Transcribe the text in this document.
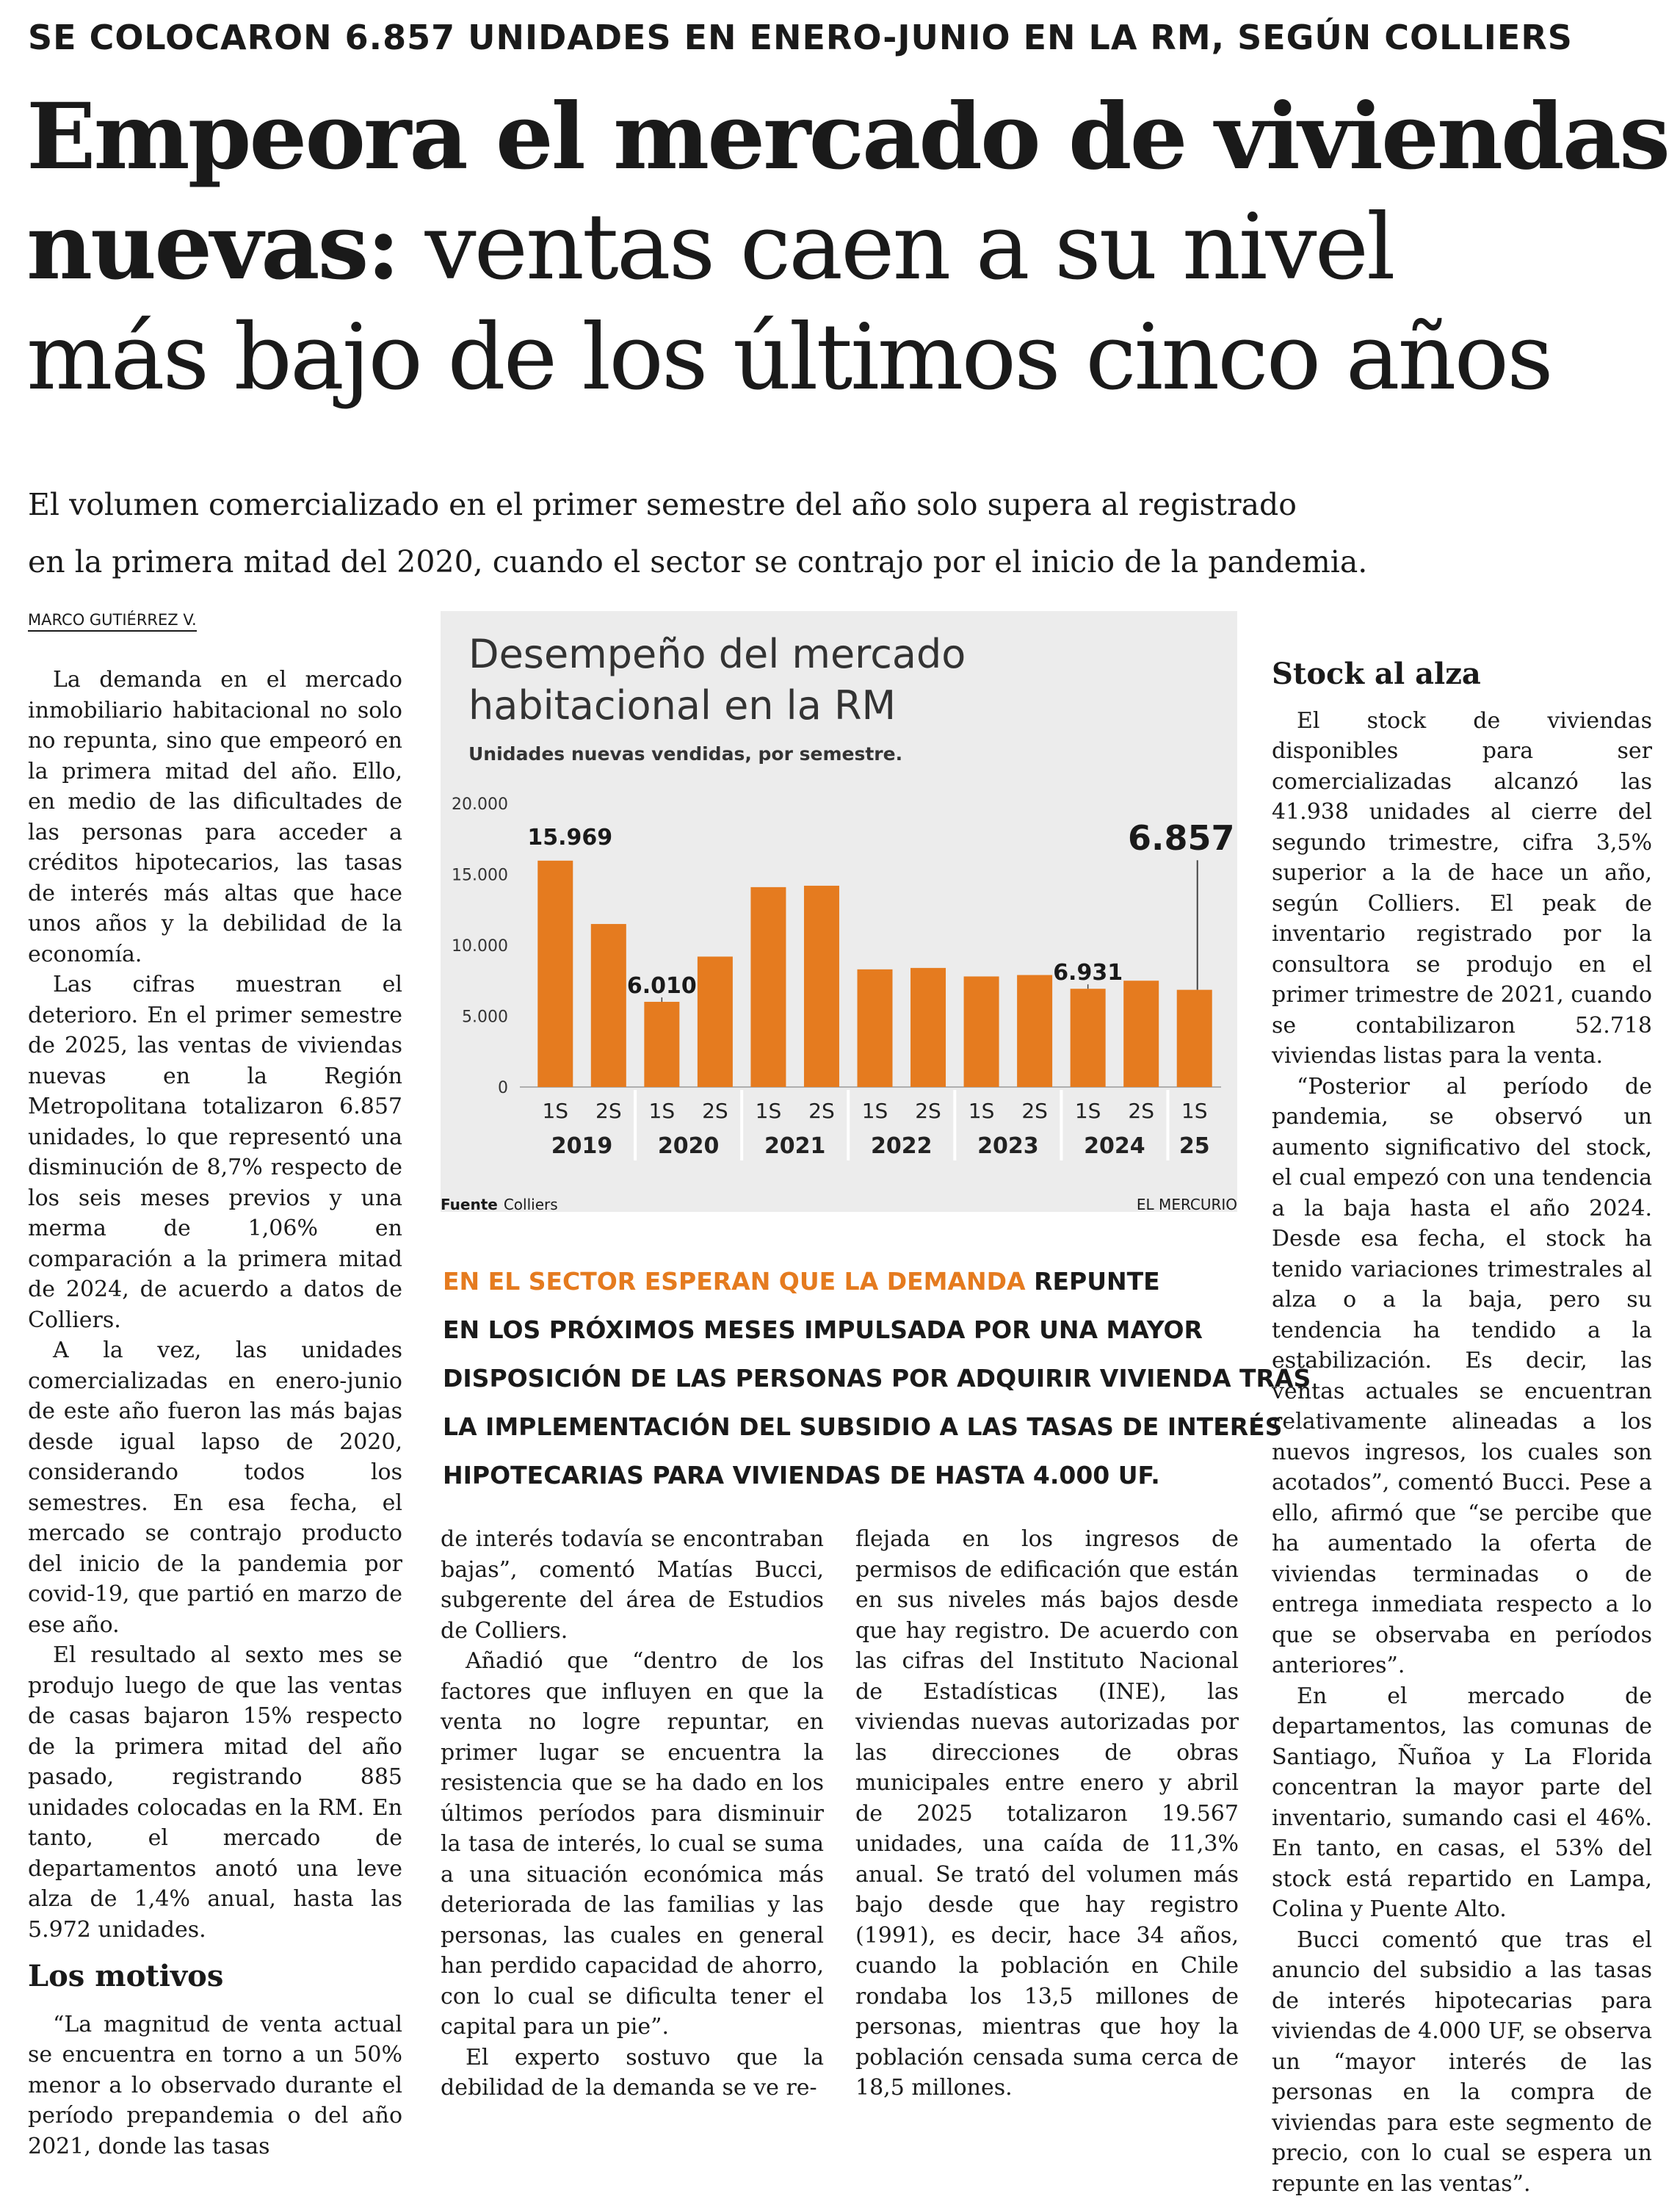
SE COLOCARON 6.857 UNIDADES EN ENERO-JUNIO EN LA RM, SEGÚN COLLIERS
Empeora el mercado de viviendas
nuevas: ventas caen a su nivel
más bajo de los últimos cinco años
El volumen comercializado en el primer semestre del año solo supera al registrado
en la primera mitad del 2020, cuando el sector se contrajo por el inicio de la pandemia.
MARCO GUTIÉRREZ V.

La demanda en el mercado inmobiliario habitacional no solo no repunta, sino que empeoró en la primera mitad del año. Ello, en medio de las dificultades de las personas para acceder a créditos hipotecarios, las tasas de interés más altas que hace unos años y la debilidad de la economía.

Las cifras muestran el deterioro. En el primer semestre de 2025, las ventas de viviendas nuevas en la Región Metropolitana totalizaron 6.857 unidades, lo que representó una disminución de 8,7% respecto de los seis meses previos y una merma de 1,06% en comparación a la primera mitad de 2024, de acuerdo a datos de Colliers.

A la vez, las unidades comercializadas en enero-junio de este año fueron las más bajas desde igual lapso de 2020, considerando todos los semestres. En esa fecha, el mercado se contrajo producto del inicio de la pandemia por covid-19, que partió en marzo de ese año.

El resultado al sexto mes se produjo luego de que las ventas de casas bajaron 15% respecto de la primera mitad del año pasado, registrando 885 unidades colocadas en la RM. En tanto, el mercado de departamentos anotó una leve alza de 1,4% anual, hasta las 5.972 unidades.

Los motivos

“La magnitud de venta actual se encuentra en torno a un 50% menor a lo observado durante el período prepandemia o del año 2021, donde las tasas

Desempeño del mercado
habitacional en la RM
Unidades nuevas vendidas, por semestre.
0
5.000
10.000
15.000
20.000
1S 2S 1S 2S 1S 2S 1S 2S 1S 2S 1S 2S 1S
2019 2020 2021 2022 2023 2024 25
15.969
6.010
6.931
6.857
Fuente Colliers	EL MERCURIO
EN EL SECTOR ESPERAN QUE LA DEMANDA REPUNTE
EN LOS PRÓXIMOS MESES IMPULSADA POR UNA MAYOR
DISPOSICIÓN DE LAS PERSONAS POR ADQUIRIR VIVIENDA TRAS
LA IMPLEMENTACIÓN DEL SUBSIDIO A LAS TASAS DE INTERÉS
HIPOTECARIAS PARA VIVIENDAS DE HASTA 4.000 UF.

de interés todavía se encontraban bajas”, comentó Matías Bucci, subgerente del área de Estudios de Colliers.

Añadió que “dentro de los factores que influyen en que la venta no logre repuntar, en primer lugar se encuentra la resistencia que se ha dado en los últimos períodos para disminuir la tasa de interés, lo cual se suma a una situación económica más deteriorada de las familias y las personas, las cuales en general han perdido capacidad de ahorro, con lo cual se dificulta tener el capital para un pie”.

El experto sostuvo que la debilidad de la demanda se ve re-

flejada en los ingresos de permisos de edificación que están en sus niveles más bajos desde que hay registro. De acuerdo con las cifras del Instituto Nacional de Estadísticas (INE), las viviendas nuevas autorizadas por las direcciones de obras municipales entre enero y abril de 2025 totalizaron 19.567 unidades, una caída de 11,3% anual. Se trató del volumen más bajo desde que hay registro (1991), es decir, hace 34 años, cuando la población en Chile rondaba los 13,5 millones de personas, mientras que hoy la población censada suma cerca de 18,5 millones.

Stock al alza

El stock de viviendas disponibles para ser comercializadas alcanzó las 41.938 unidades al cierre del segundo trimestre, cifra 3,5% superior a la de hace un año, según Colliers. El peak de inventario registrado por la consultora se produjo en el primer trimestre de 2021, cuando se contabilizaron 52.718 viviendas listas para la venta.

“Posterior al período de pandemia, se observó un aumento significativo del stock, el cual empezó con una tendencia a la baja hasta el año 2024. Desde esa fecha, el stock ha tenido variaciones trimestrales al alza o a la baja, pero su tendencia ha tendido a la estabilización. Es decir, las ventas actuales se encuentran relativamente alineadas a los nuevos ingresos, los cuales son acotados”, comentó Bucci. Pese a ello, afirmó que “se percibe que ha aumentado la oferta de viviendas terminadas o de entrega inmediata respecto a lo que se observaba en períodos anteriores”.

En el mercado de departamentos, las comunas de Santiago, Ñuñoa y La Florida concentran la mayor parte del inventario, sumando casi el 46%. En tanto, en casas, el 53% del stock está repartido en Lampa, Colina y Puente Alto.

Bucci comentó que tras el anuncio del subsidio a las tasas de interés hipotecarias para viviendas de 4.000 UF, se observa un “mayor interés de las personas en la compra de viviendas para este segmento de precio, con lo cual se espera un repunte en las ventas”.
